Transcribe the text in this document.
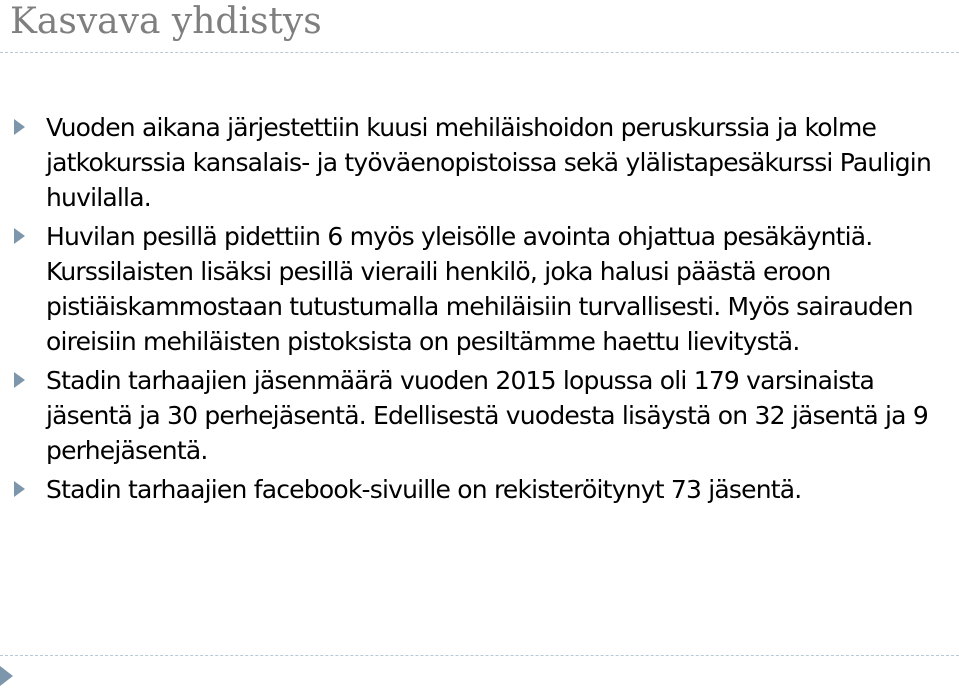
Kasvava yhdistys
Vuoden aikana järjestettiin kuusi mehiläishoidon peruskurssia ja kolme jatkokurssia kansalais- ja työväenopistoissa sekä ylälistapesäkurssi Pauligin huvilalla.
Huvilan pesillä pidettiin 6 myös yleisölle avointa ohjattua pesäkäyntiä. Kurssilaisten lisäksi pesillä vieraili henkilö, joka halusi päästä eroon pistiäiskammostaan tutustumalla mehiläisiin turvallisesti. Myös sairauden oireisiin mehiläisten pistoksista on pesiltämme haettu lievitystä.
Stadin tarhaajien jäsenmäärä vuoden 2015 lopussa oli 179 varsinaista jäsentä ja 30 perhejäsentä. Edellisestä vuodesta lisäystä on 32 jäsentä ja 9 perhejäsentä.
Stadin tarhaajien facebook-sivuille on rekisteröitynyt 73 jäsentä.
